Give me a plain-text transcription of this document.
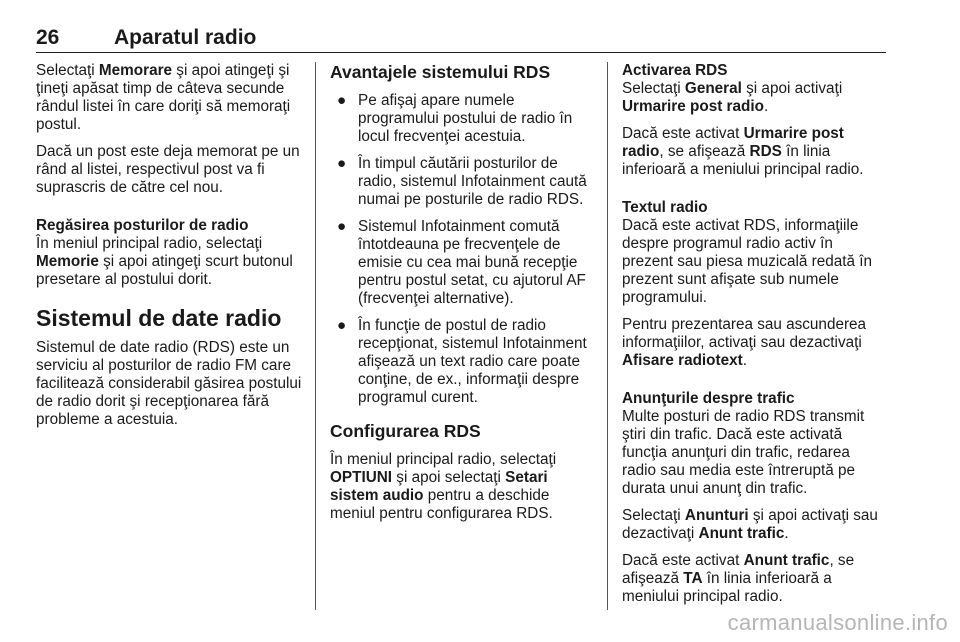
26	Aparatul radio

Selectaţi Memorare şi apoi atingeţi şi ţineţi apăsat timp de câteva secunde rândul listei în care doriţi să memoraţi postul.

Dacă un post este deja memorat pe un rând al listei, respectivul post va fi suprascris de către cel nou.

Regăsirea posturilor de radio

În meniul principal radio, selectaţi Memorie şi apoi atingeţi scurt butonul presetare al postului dorit.

Sistemul de date radio

Sistemul de date radio (RDS) este un serviciu al posturilor de radio FM care facilitează considerabil găsirea postului de radio dorit şi recepţionarea fără probleme a acestuia.

Avantajele sistemului RDS
● Pe afişaj apare numele programului postului de radio în locul frecvenţei acestuia.
● În timpul căutării posturilor de radio, sistemul Infotainment caută numai pe posturile de radio RDS.
● Sistemul Infotainment comută întotdeauna pe frecvenţele de emisie cu cea mai bună recepţie pentru postul setat, cu ajutorul AF (frecvenţei alternative).
● În funcţie de postul de radio recepţionat, sistemul Infotainment afişează un text radio care poate conţine, de ex., informaţii despre programul curent.
Configurarea RDS

În meniul principal radio, selectaţi OPTIUNI şi apoi selectaţi Setari sistem audio pentru a deschide meniul pentru configurarea RDS.

Activarea RDS

Selectaţi General şi apoi activaţi Urmarire post radio.

Dacă este activat Urmarire post radio, se afişează RDS în linia inferioară a meniului principal radio.

Textul radio

Dacă este activat RDS, informaţiile despre programul radio activ în prezent sau piesa muzicală redată în prezent sunt afişate sub numele programului.

Pentru prezentarea sau ascunderea informaţiilor, activaţi sau dezactivaţi Afisare radiotext.

Anunţurile despre trafic

Multe posturi de radio RDS transmit ştiri din trafic. Dacă este activată funcţia anunţuri din trafic, redarea radio sau media este întreruptă pe durata unui anunţ din trafic.

Selectaţi Anunturi şi apoi activaţi sau dezactivaţi Anunt trafic.

Dacă este activat Anunt trafic, se afişează TA în linia inferioară a meniului principal radio.

carmanualsonline.info
